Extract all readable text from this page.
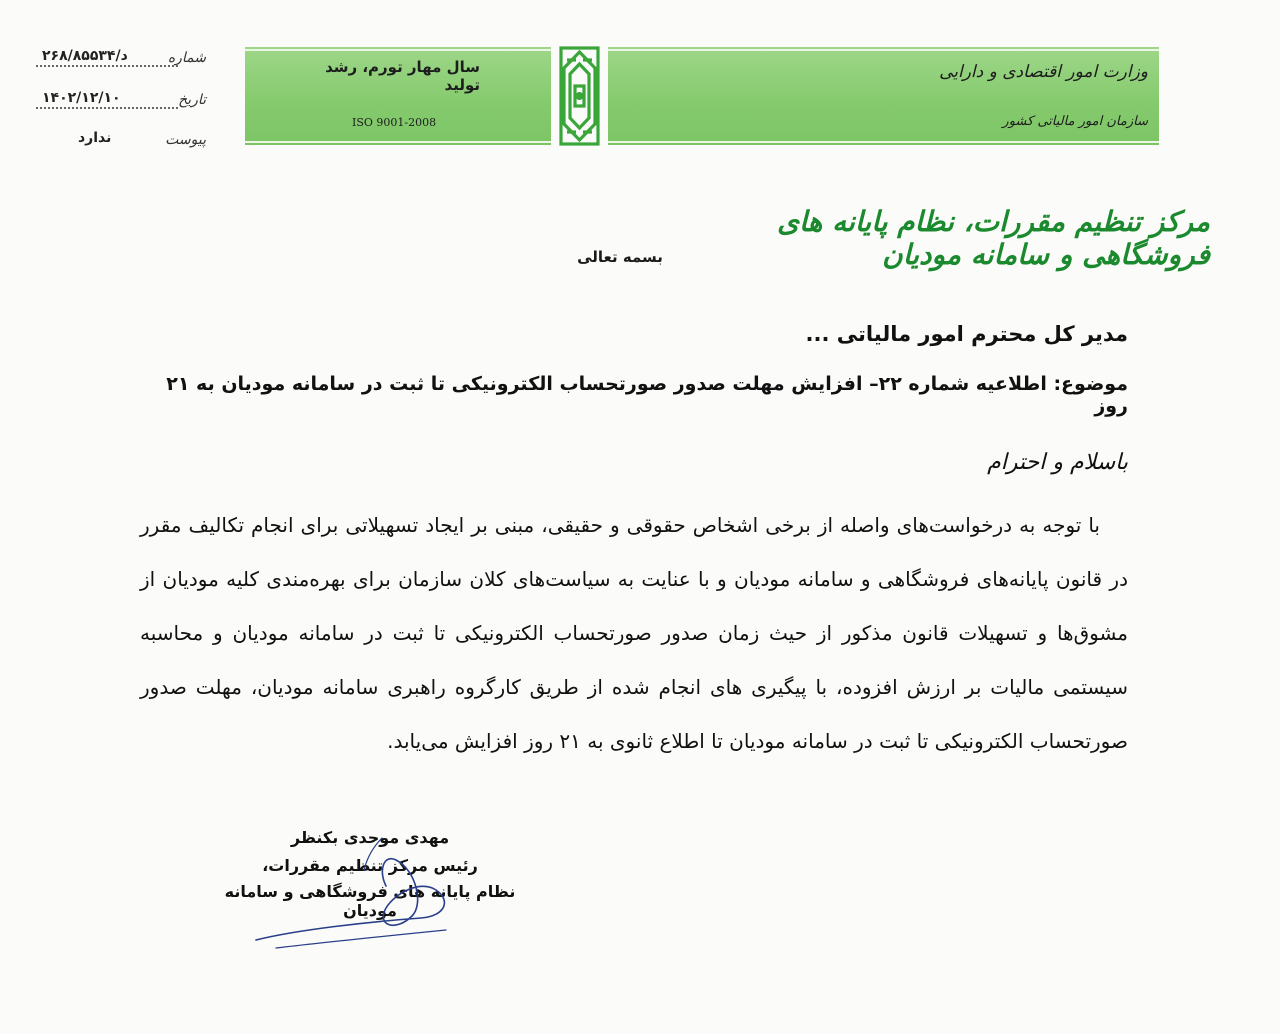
شماره
د/۲۶۸/۸۵۵۳۴
تاریخ
۱۴۰۲/۱۲/۱۰
پیوست
ندارد
سال مهار تورم، رشد تولید
ISO 9001-2008
وزارت امور اقتصادی و دارایی
سازمان امور مالیاتی کشور
مرکز تنظیم مقررات، نظام پایانه های فروشگاهی و سامانه مودیان
بسمه تعالی
مدیر کل محترم امور مالیاتی ...
موضوع: اطلاعیه شماره ۲۲– افزایش مهلت صدور صورتحساب الکترونیکی تا ثبت در سامانه مودیان به ۲۱ روز
باسلام و احترام
با توجه به درخواست‌های واصله از برخی اشخاص حقوقی و حقیقی، مبنی بر ایجاد تسهیلاتی برای انجام تکالیف مقرر در قانون پایانه‌های فروشگاهی و سامانه مودیان و با عنایت به سیاست‌های کلان سازمان برای بهره‌مندی کلیه مودیان از مشوق‌ها و تسهیلات قانون مذکور از حیث زمان صدور صورتحساب الکترونیکی تا ثبت در سامانه مودیان و محاسبه سیستمی مالیات بر ارزش افزوده، با پیگیری های انجام شده از طریق کارگروه راهبری سامانه مودیان، مهلت صدور صورتحساب الکترونیکی تا ثبت در سامانه مودیان تا اطلاع ثانوی به ۲۱ روز افزایش می‌یابد.
مهدی موحدی بکنظر
رئیس مرکز تنظیم مقررات،
نظام پایانه های فروشگاهی و سامانه مودیان
